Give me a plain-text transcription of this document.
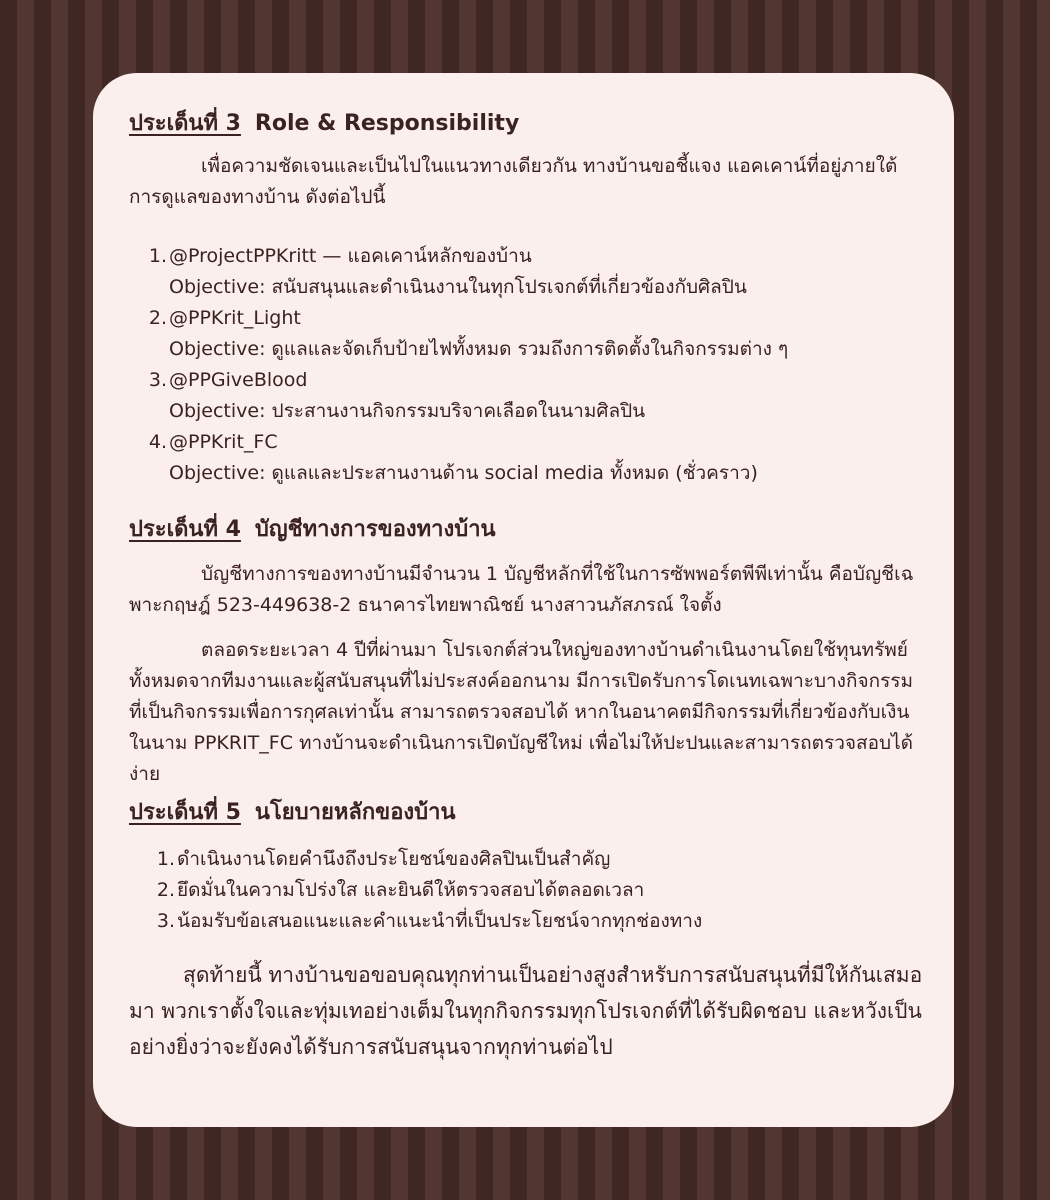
ประเด็นที่ 3 Role & Responsibility

เพื่อความชัดเจนและเป็นไปในแนวทางเดียวกัน ทางบ้านขอชี้แจง แอคเคาน์ที่อยู่ภายใต้การดูแลของทางบ้าน ดังต่อไปนี้

1. @ProjectPPKritt — แอคเคาน์หลักของบ้าน
Objective: สนับสนุนและดำเนินงานในทุกโปรเจกต์ที่เกี่ยวข้องกับศิลปิน
2. @PPKrit_Light
Objective: ดูแลและจัดเก็บป้ายไฟทั้งหมด รวมถึงการติดตั้งในกิจกรรมต่าง ๆ
3. @PPGiveBlood
Objective: ประสานงานกิจกรรมบริจาคเลือดในนามศิลปิน
4. @PPKrit_FC
Objective: ดูแลและประสานงานด้าน social media ทั้งหมด (ชั่วคราว)
ประเด็นที่ 4 บัญชีทางการของทางบ้าน

บัญชีทางการของทางบ้านมีจำนวน 1 บัญชีหลักที่ใช้ในการซัพพอร์ตพีพีเท่านั้น คือบัญชีเฉพาะกฤษฎ์ 523-449638-2 ธนาคารไทยพาณิชย์ นางสาวนภัสภรณ์ ใจตั้ง

ตลอดระยะเวลา 4 ปีที่ผ่านมา โปรเจกต์ส่วนใหญ่ของทางบ้านดำเนินงานโดยใช้ทุนทรัพย์ทั้งหมดจากทีมงานและผู้สนับสนุนที่ไม่ประสงค์ออกนาม มีการเปิดรับการโดเนทเฉพาะบางกิจกรรมที่เป็นกิจกรรมเพื่อการกุศลเท่านั้น สามารถตรวจสอบได้ หากในอนาคตมีกิจกรรมที่เกี่ยวข้องกับเงินในนาม PPKRIT_FC ทางบ้านจะดำเนินการเปิดบัญชีใหม่ เพื่อไม่ให้ปะปนและสามารถตรวจสอบได้ง่าย

ประเด็นที่ 5 นโยบายหลักของบ้าน
1. ดำเนินงานโดยคำนึงถึงประโยชน์ของศิลปินเป็นสำคัญ
2. ยึดมั่นในความโปร่งใส และยินดีให้ตรวจสอบได้ตลอดเวลา
3. น้อมรับข้อเสนอแนะและคำแนะนำที่เป็นประโยชน์จากทุกช่องทาง

สุดท้ายนี้ ทางบ้านขอขอบคุณทุกท่านเป็นอย่างสูงสำหรับการสนับสนุนที่มีให้กันเสมอมา พวกเราตั้งใจและทุ่มเทอย่างเต็มในทุกกิจกรรมทุกโปรเจกต์ที่ได้รับผิดชอบ และหวังเป็นอย่างยิ่งว่าจะยังคงได้รับการสนับสนุนจากทุกท่านต่อไป
